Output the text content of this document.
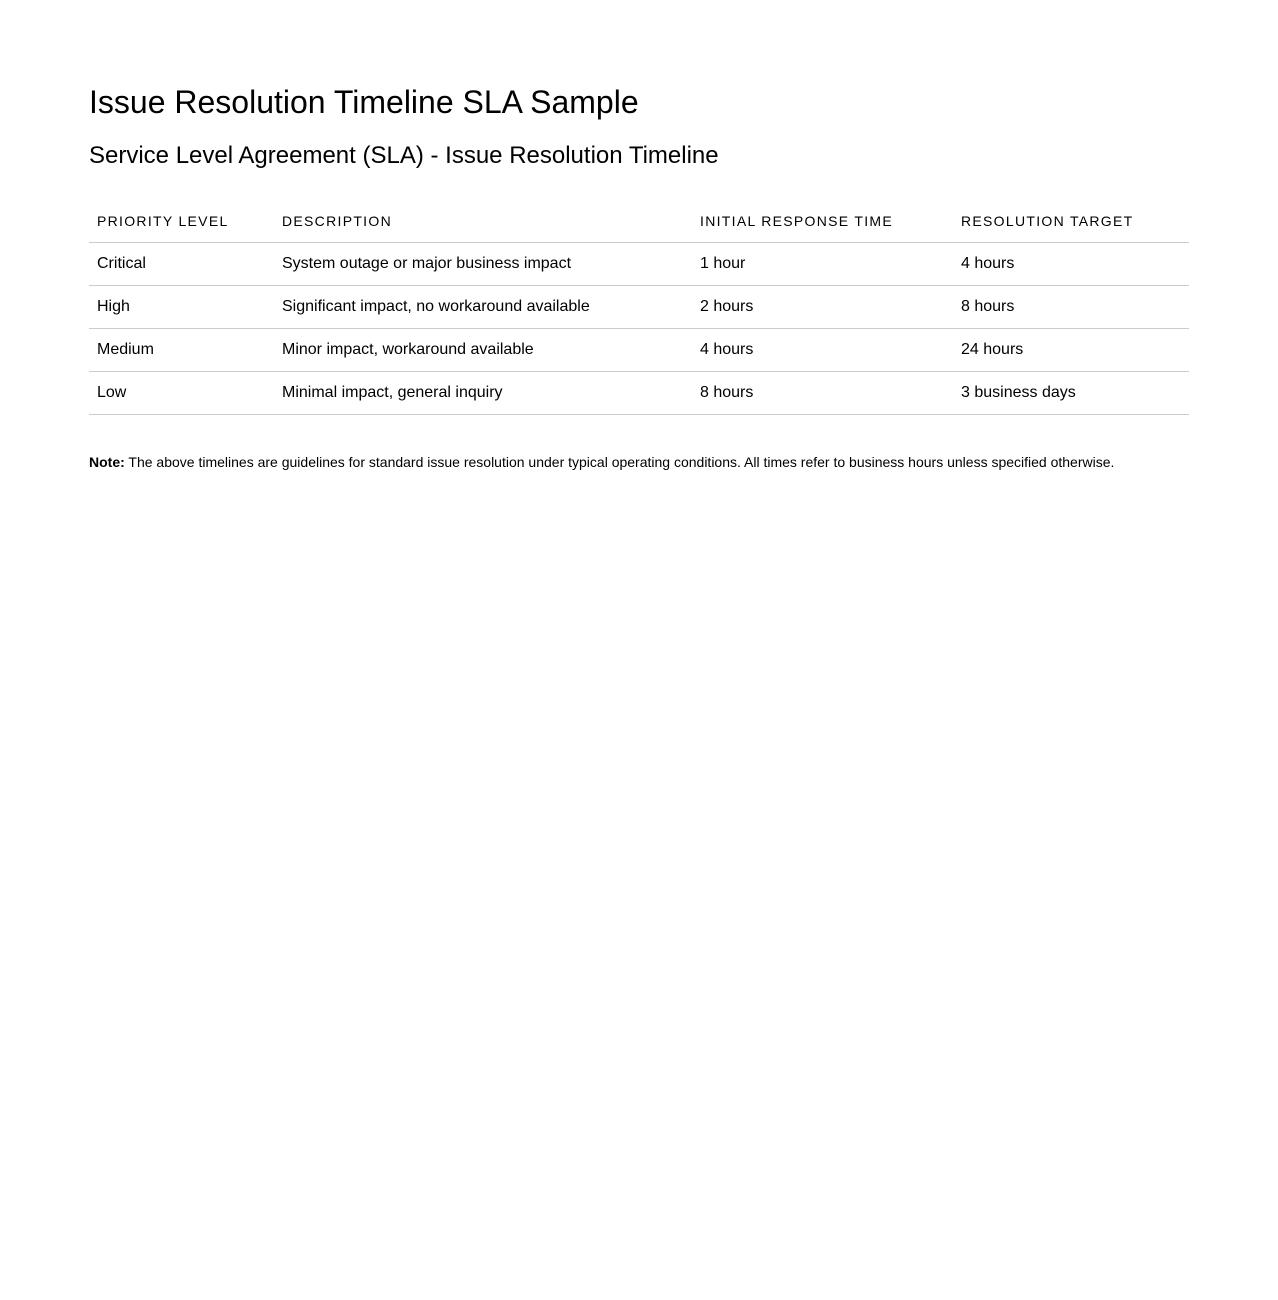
Issue Resolution Timeline SLA Sample
Service Level Agreement (SLA) - Issue Resolution Timeline
PRIORITY LEVEL	DESCRIPTION	INITIAL RESPONSE TIME	RESOLUTION TARGET
Critical	System outage or major business impact	1 hour	4 hours
High	Significant impact, no workaround available	2 hours	8 hours
Medium	Minor impact, workaround available	4 hours	24 hours
Low	Minimal impact, general inquiry	8 hours	3 business days

Note: The above timelines are guidelines for standard issue resolution under typical operating conditions. All times refer to business hours unless specified otherwise.
